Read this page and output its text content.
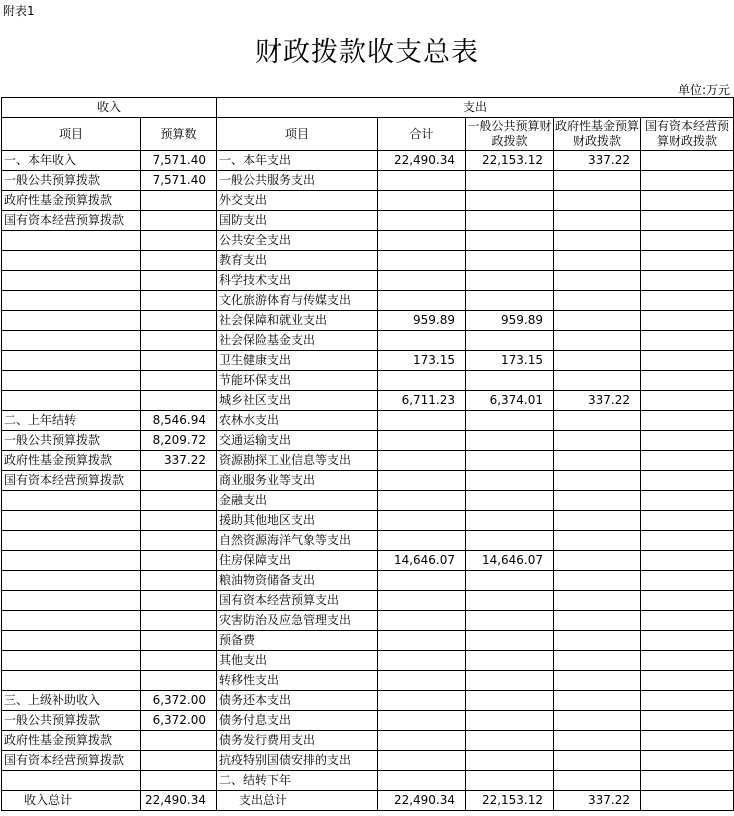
附表1
财政拨款收支总表
单位:万元
收入		支出				
项目	预算数	项目	合计	一般公共预算财政拨款	政府性基金预算财政拨款	国有资本经营预算财政拨款
一、本年收入	7,571.40	一、本年支出	22,490.34	22,153.12	337.22	
一般公共预算拨款	7,571.40	一般公共服务支出				
政府性基金预算拨款		外交支出				
国有资本经营预算拨款		国防支出				
		公共安全支出				
		教育支出				
		科学技术支出				
		文化旅游体育与传媒支出				
		社会保障和就业支出	959.89	959.89		
		社会保险基金支出				
		卫生健康支出	173.15	173.15		
		节能环保支出				
		城乡社区支出	6,711.23	6,374.01	337.22	
二、上年结转	8,546.94	农林水支出				
一般公共预算拨款	8,209.72	交通运输支出				
政府性基金预算拨款	337.22	资源勘探工业信息等支出				
国有资本经营预算拨款		商业服务业等支出				
		金融支出				
		援助其他地区支出				
		自然资源海洋气象等支出				
		住房保障支出	14,646.07	14,646.07		
		粮油物资储备支出				
		国有资本经营预算支出				
		灾害防治及应急管理支出				
		预备费				
		其他支出				
		转移性支出				
三、上级补助收入	6,372.00	债务还本支出				
一般公共预算拨款	6,372.00	债务付息支出				
政府性基金预算拨款		债务发行费用支出				
国有资本经营预算拨款		抗疫特别国债安排的支出				
		二、结转下年				
收入总计	22,490.34	支出总计	22,490.34	22,153.12	337.22	
